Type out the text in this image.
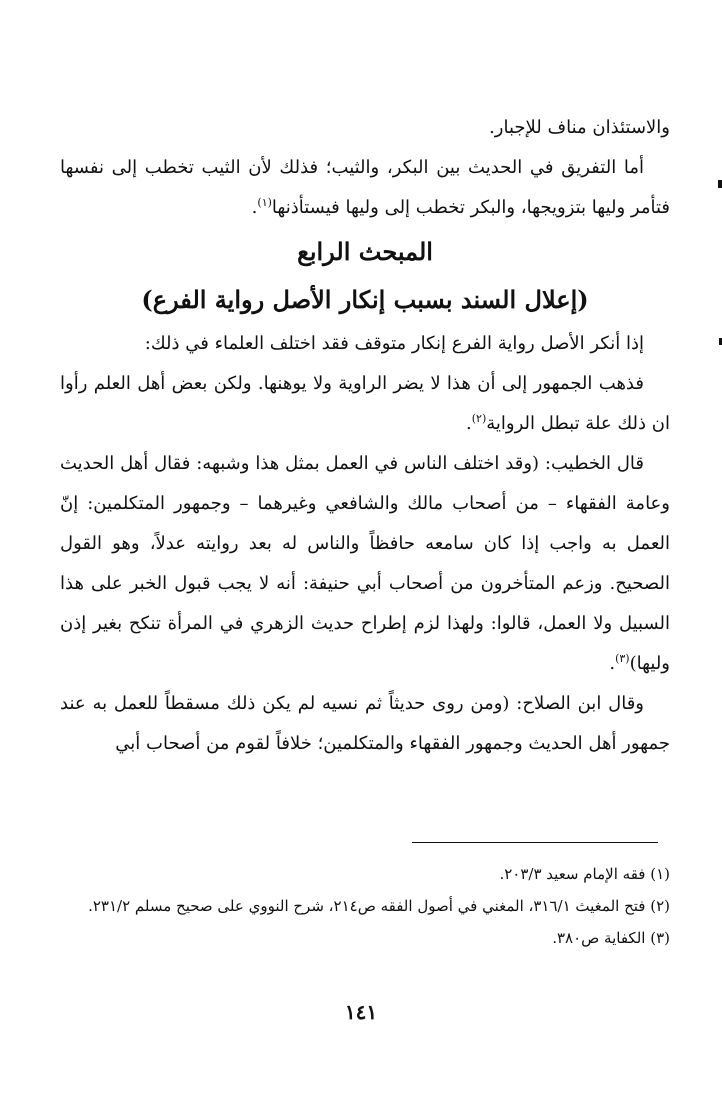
والاستئذان مناف للإجبار.

أما التفريق في الحديث بين البكر، والثيب؛ فذلك لأن الثيب تخطب إلى نفسها فتأمر وليها بتزويجها، والبكر تخطب إلى وليها فيستأذنها$^{(١)}$.

المبحث الرابع
(إعلال السند بسبب إنكار الأصل رواية الفرع)

إذا أنكر الأصل رواية الفرع إنكار متوقف فقد اختلف العلماء في ذلك:

فذهب الجمهور إلى أن هذا لا يضر الراوية ولا يوهنها. ولكن بعض أهل العلم رأوا ان ذلك علة تبطل الرواية$^{(٢)}$.

قال الخطيب: (وقد اختلف الناس في العمل بمثل هذا وشبهه: فقال أهل الحديث وعامة الفقهاء – من أصحاب مالك والشافعي وغيرهما – وجمهور المتكلمين: إنّ العمل به واجب إذا كان سامعه حافظاً والناس له بعد روايته عدلاً، وهو القول الصحيح. وزعم المتأخرون من أصحاب أبي حنيفة: أنه لا يجب قبول الخبر على هذا السبيل ولا العمل، قالوا: ولهذا لزم إطراح حديث الزهري في المرأة تنكح بغير إذن وليها)$^{(٣)}$.

وقال ابن الصلاح: (ومن روى حديثاً ثم نسيه لم يكن ذلك مسقطاً للعمل به عند جمهور أهل الحديث وجمهور الفقهاء والمتكلمين؛ خلافاً لقوم من أصحاب أبي

(١) فقه الإمام سعيد ٢٠٣/٣.

(٢) فتح المغيث ٣١٦/١، المغني في أصول الفقه ص٢١٤، شرح النووي على صحيح مسلم ٢٣١/٢.

(٣) الكفاية ص٣٨٠.

١٤١
